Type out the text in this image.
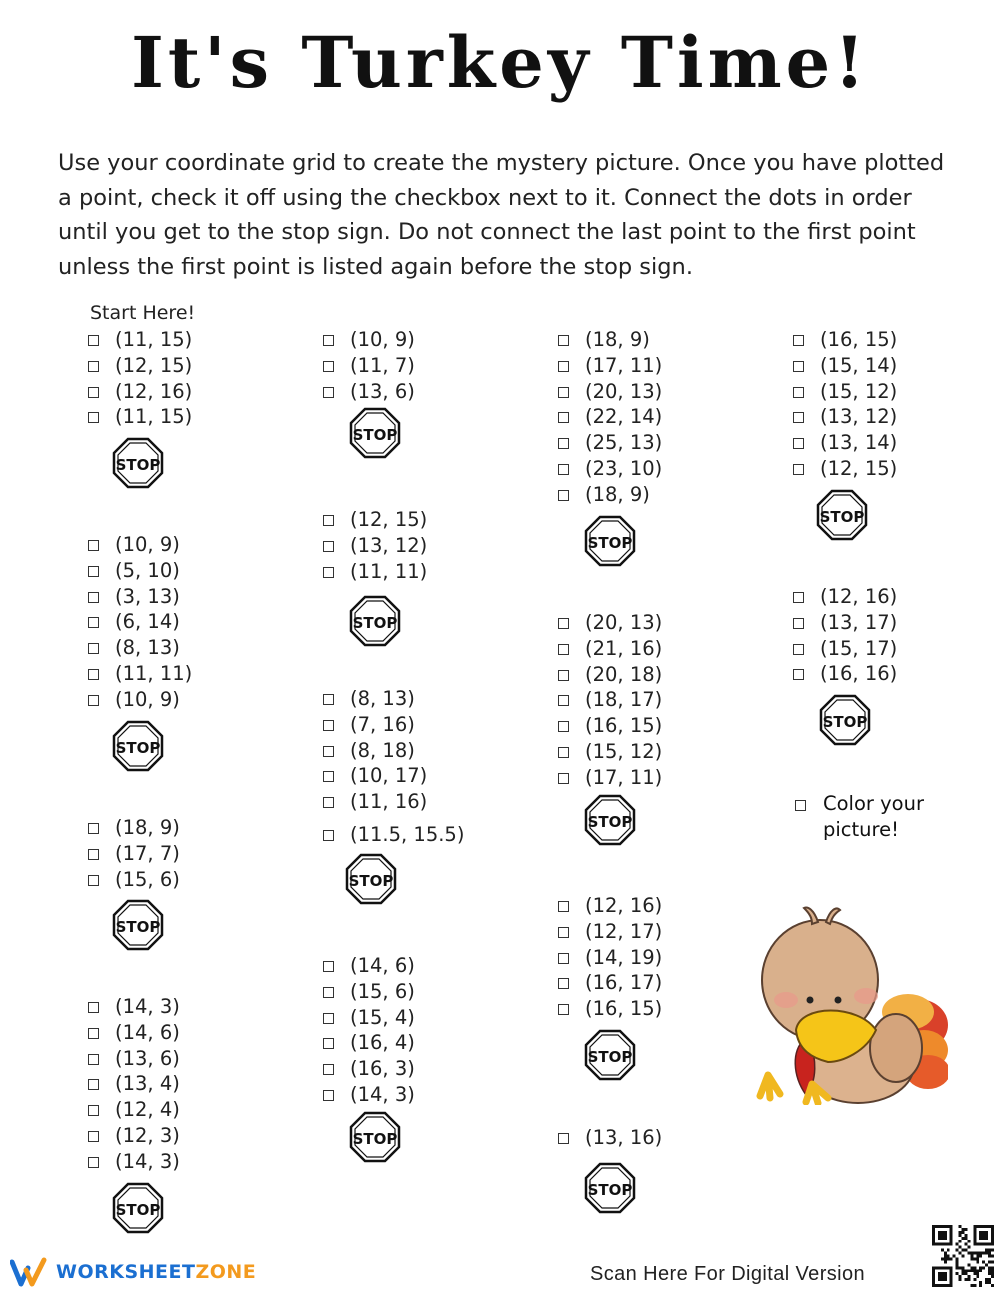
It's Turkey Time!
Use your coordinate grid to create the mystery picture. Once you have plotted a point, check it off using the checkbox next to it. Connect the dots in order until you get to the stop sign. Do not connect the last point to the first point unless the first point is listed again before the stop sign.
Start Here!
(11, 15)
(12, 15)
(12, 16)
(11, 15)
STOP
(10, 9)
(5, 10)
(3, 13)
(6, 14)
(8, 13)
(11, 11)
(10, 9)
STOP
(18, 9)
(17, 7)
(15, 6)
STOP
(14, 3)
(14, 6)
(13, 6)
(13, 4)
(12, 4)
(12, 3)
(14, 3)
STOP
(10, 9)
(11, 7)
(13, 6)
STOP
(12, 15)
(13, 12)
(11, 11)
STOP
(8, 13)
(7, 16)
(8, 18)
(10, 17)
(11, 16)
(11.5, 15.5)
STOP
(14, 6)
(15, 6)
(15, 4)
(16, 4)
(16, 3)
(14, 3)
STOP
(18, 9)
(17, 11)
(20, 13)
(22, 14)
(25, 13)
(23, 10)
(18, 9)
STOP
(20, 13)
(21, 16)
(20, 18)
(18, 17)
(16, 15)
(15, 12)
(17, 11)
STOP
(12, 16)
(12, 17)
(14, 19)
(16, 17)
(16, 15)
STOP
(13, 16)
STOP
(16, 15)
(15, 14)
(15, 12)
(13, 12)
(13, 14)
(12, 15)
STOP
(12, 16)
(13, 17)
(15, 17)
(16, 16)
STOP
Color your picture!
WORKSHEETZONE	Scan Here For Digital Version
